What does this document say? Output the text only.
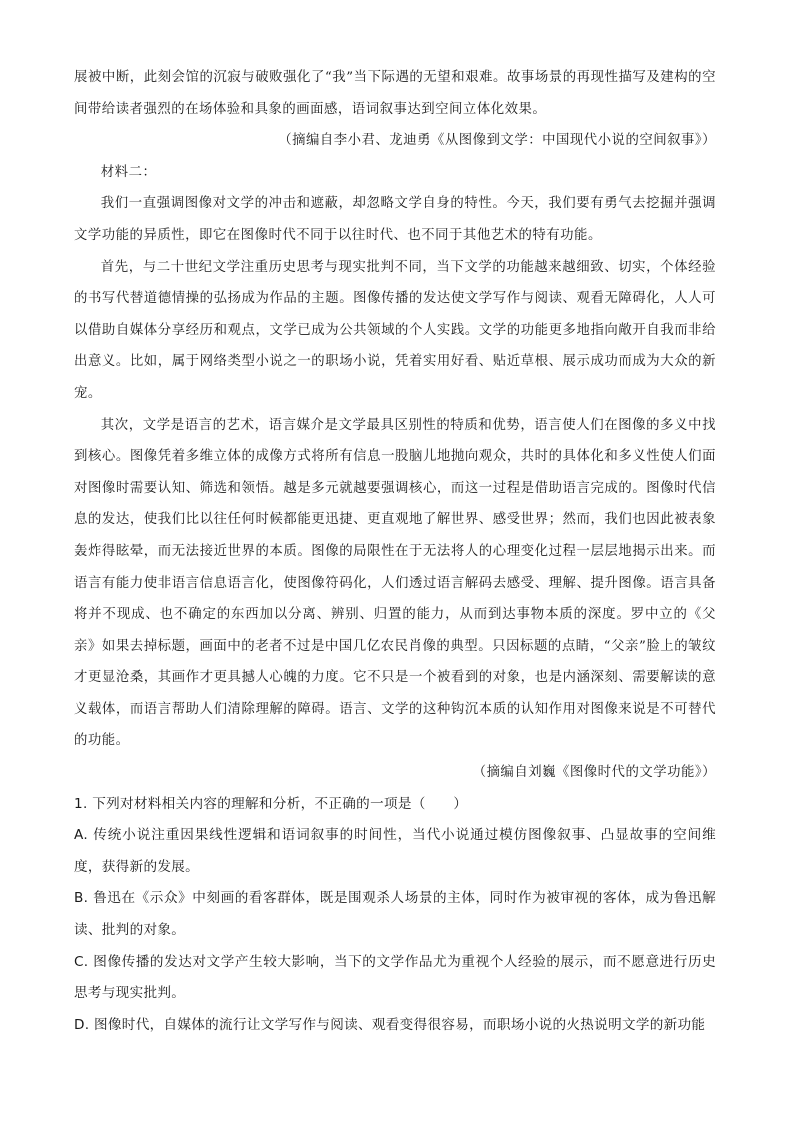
展被中断，此刻会馆的沉寂与破败强化了“我”当下际遇的无望和艰难。故事场景的再现性描写及建构的空间带给读者强烈的在场体验和具象的画面感，语词叙事达到空间立体化效果。

（摘编自李小君、龙迪勇《从图像到文学：中国现代小说的空间叙事》）

材料二：

我们一直强调图像对文学的冲击和遮蔽，却忽略文学自身的特性。今天，我们要有勇气去挖掘并强调文学功能的异质性，即它在图像时代不同于以往时代、也不同于其他艺术的特有功能。

首先，与二十世纪文学注重历史思考与现实批判不同，当下文学的功能越来越细致、切实，个体经验的书写代替道德情操的弘扬成为作品的主题。图像传播的发达使文学写作与阅读、观看无障碍化，人人可以借助自媒体分享经历和观点，文学已成为公共领域的个人实践。文学的功能更多地指向敞开自我而非给出意义。比如，属于网络类型小说之一的职场小说，凭着实用好看、贴近草根、展示成功而成为大众的新宠。

其次，文学是语言的艺术，语言媒介是文学最具区别性的特质和优势，语言使人们在图像的多义中找到核心。图像凭着多维立体的成像方式将所有信息一股脑儿地抛向观众，共时的具体化和多义性使人们面对图像时需要认知、筛选和领悟。越是多元就越要强调核心，而这一过程是借助语言完成的。图像时代信息的发达，使我们比以往任何时候都能更迅捷、更直观地了解世界、感受世界；然而，我们也因此被表象轰炸得眩晕，而无法接近世界的本质。图像的局限性在于无法将人的心理变化过程一层层地揭示出来。而语言有能力使非语言信息语言化，使图像符码化，人们透过语言解码去感受、理解、提升图像。语言具备将并不现成、也不确定的东西加以分离、辨别、归置的能力，从而到达事物本质的深度。罗中立的《父亲》如果去掉标题，画面中的老者不过是中国几亿农民肖像的典型。只因标题的点睛，“父亲”脸上的皱纹才更显沧桑，其画作才更具撼人心魄的力度。它不只是一个被看到的对象，也是内涵深刻、需要解读的意义载体，而语言帮助人们清除理解的障碍。语言、文学的这种钩沉本质的认知作用对图像来说是不可替代的功能。

（摘编自刘巍《图像时代的文学功能》）

1. 下列对材料相关内容的理解和分析，不正确的一项是（　　）

A. 传统小说注重因果线性逻辑和语词叙事的时间性，当代小说通过模仿图像叙事、凸显故事的空间维度，获得新的发展。

B. 鲁迅在《示众》中刻画的看客群体，既是围观杀人场景的主体，同时作为被审视的客体，成为鲁迅解读、批判的对象。

C. 图像传播的发达对文学产生较大影响，当下的文学作品尤为重视个人经验的展示，而不愿意进行历史思考与现实批判。

D. 图像时代，自媒体的流行让文学写作与阅读、观看变得很容易，而职场小说的火热说明文学的新功能
